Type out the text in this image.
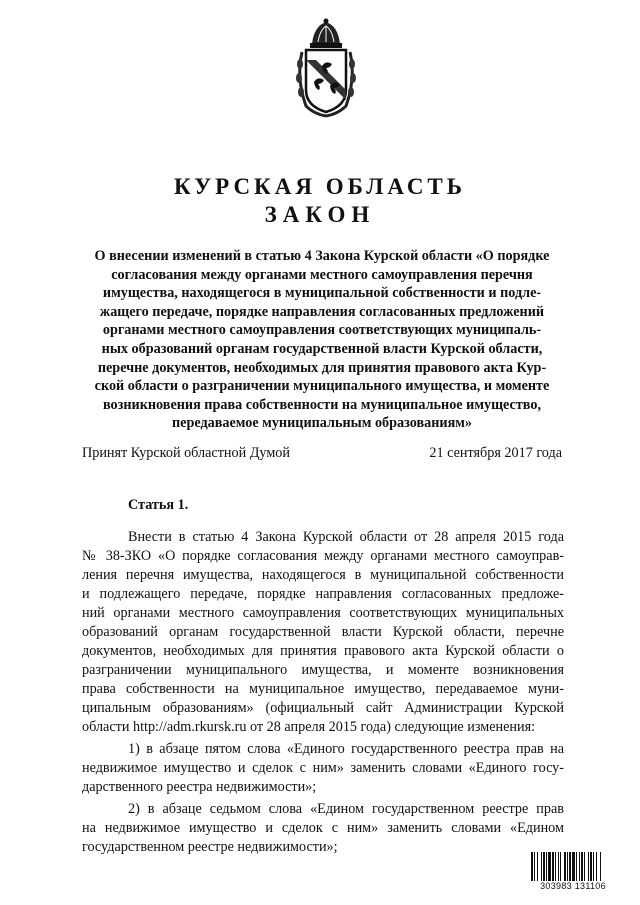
КУРСКАЯ ОБЛАСТЬ
ЗАКОН
О внесении изменений в статью 4 Закона Курской области «О порядке
согласования между органами местного самоуправления перечня
имущества, находящегося в муниципальной собственности и подле-
жащего передаче, порядке направления согласованных предложений
органами местного самоуправления соответствующих муниципаль-
ных образований органам государственной власти Курской области,
перечне документов, необходимых для принятия правового акта Кур-
ской области о разграничении муниципального имущества, и моменте
возникновения права собственности на муниципальное имущество,
передаваемое муниципальным образованиям»
Принят Курской областной Думой	21 сентября 2017 года
Статья 1.
Внести в статью 4 Закона Курской области от 28 апреля 2015 года
№ 38-ЗКО «О порядке согласования между органами местного самоуправ-
ления перечня имущества, находящегося в муниципальной собственности
и подлежащего передаче, порядке направления согласованных предложе-
ний органами местного самоуправления соответствующих муниципальных
образований органам государственной власти Курской области, перечне
документов, необходимых для принятия правового акта Курской области о
разграничении муниципального имущества, и моменте возникновения
права собственности на муниципальное имущество, передаваемое муни-
ципальным образованиям» (официальный сайт Администрации Курской
области http://adm.rkursk.ru от 28 апреля 2015 года) следующие изменения:
1) в абзаце пятом слова «Единого государственного реестра прав на
недвижимое имущество и сделок с ним» заменить словами «Единого госу-
дарственного реестра недвижимости»;
2) в абзаце седьмом слова «Едином государственном реестре прав
на недвижимое имущество и сделок с ним» заменить словами «Едином
государственном реестре недвижимости»;
303983 131106
